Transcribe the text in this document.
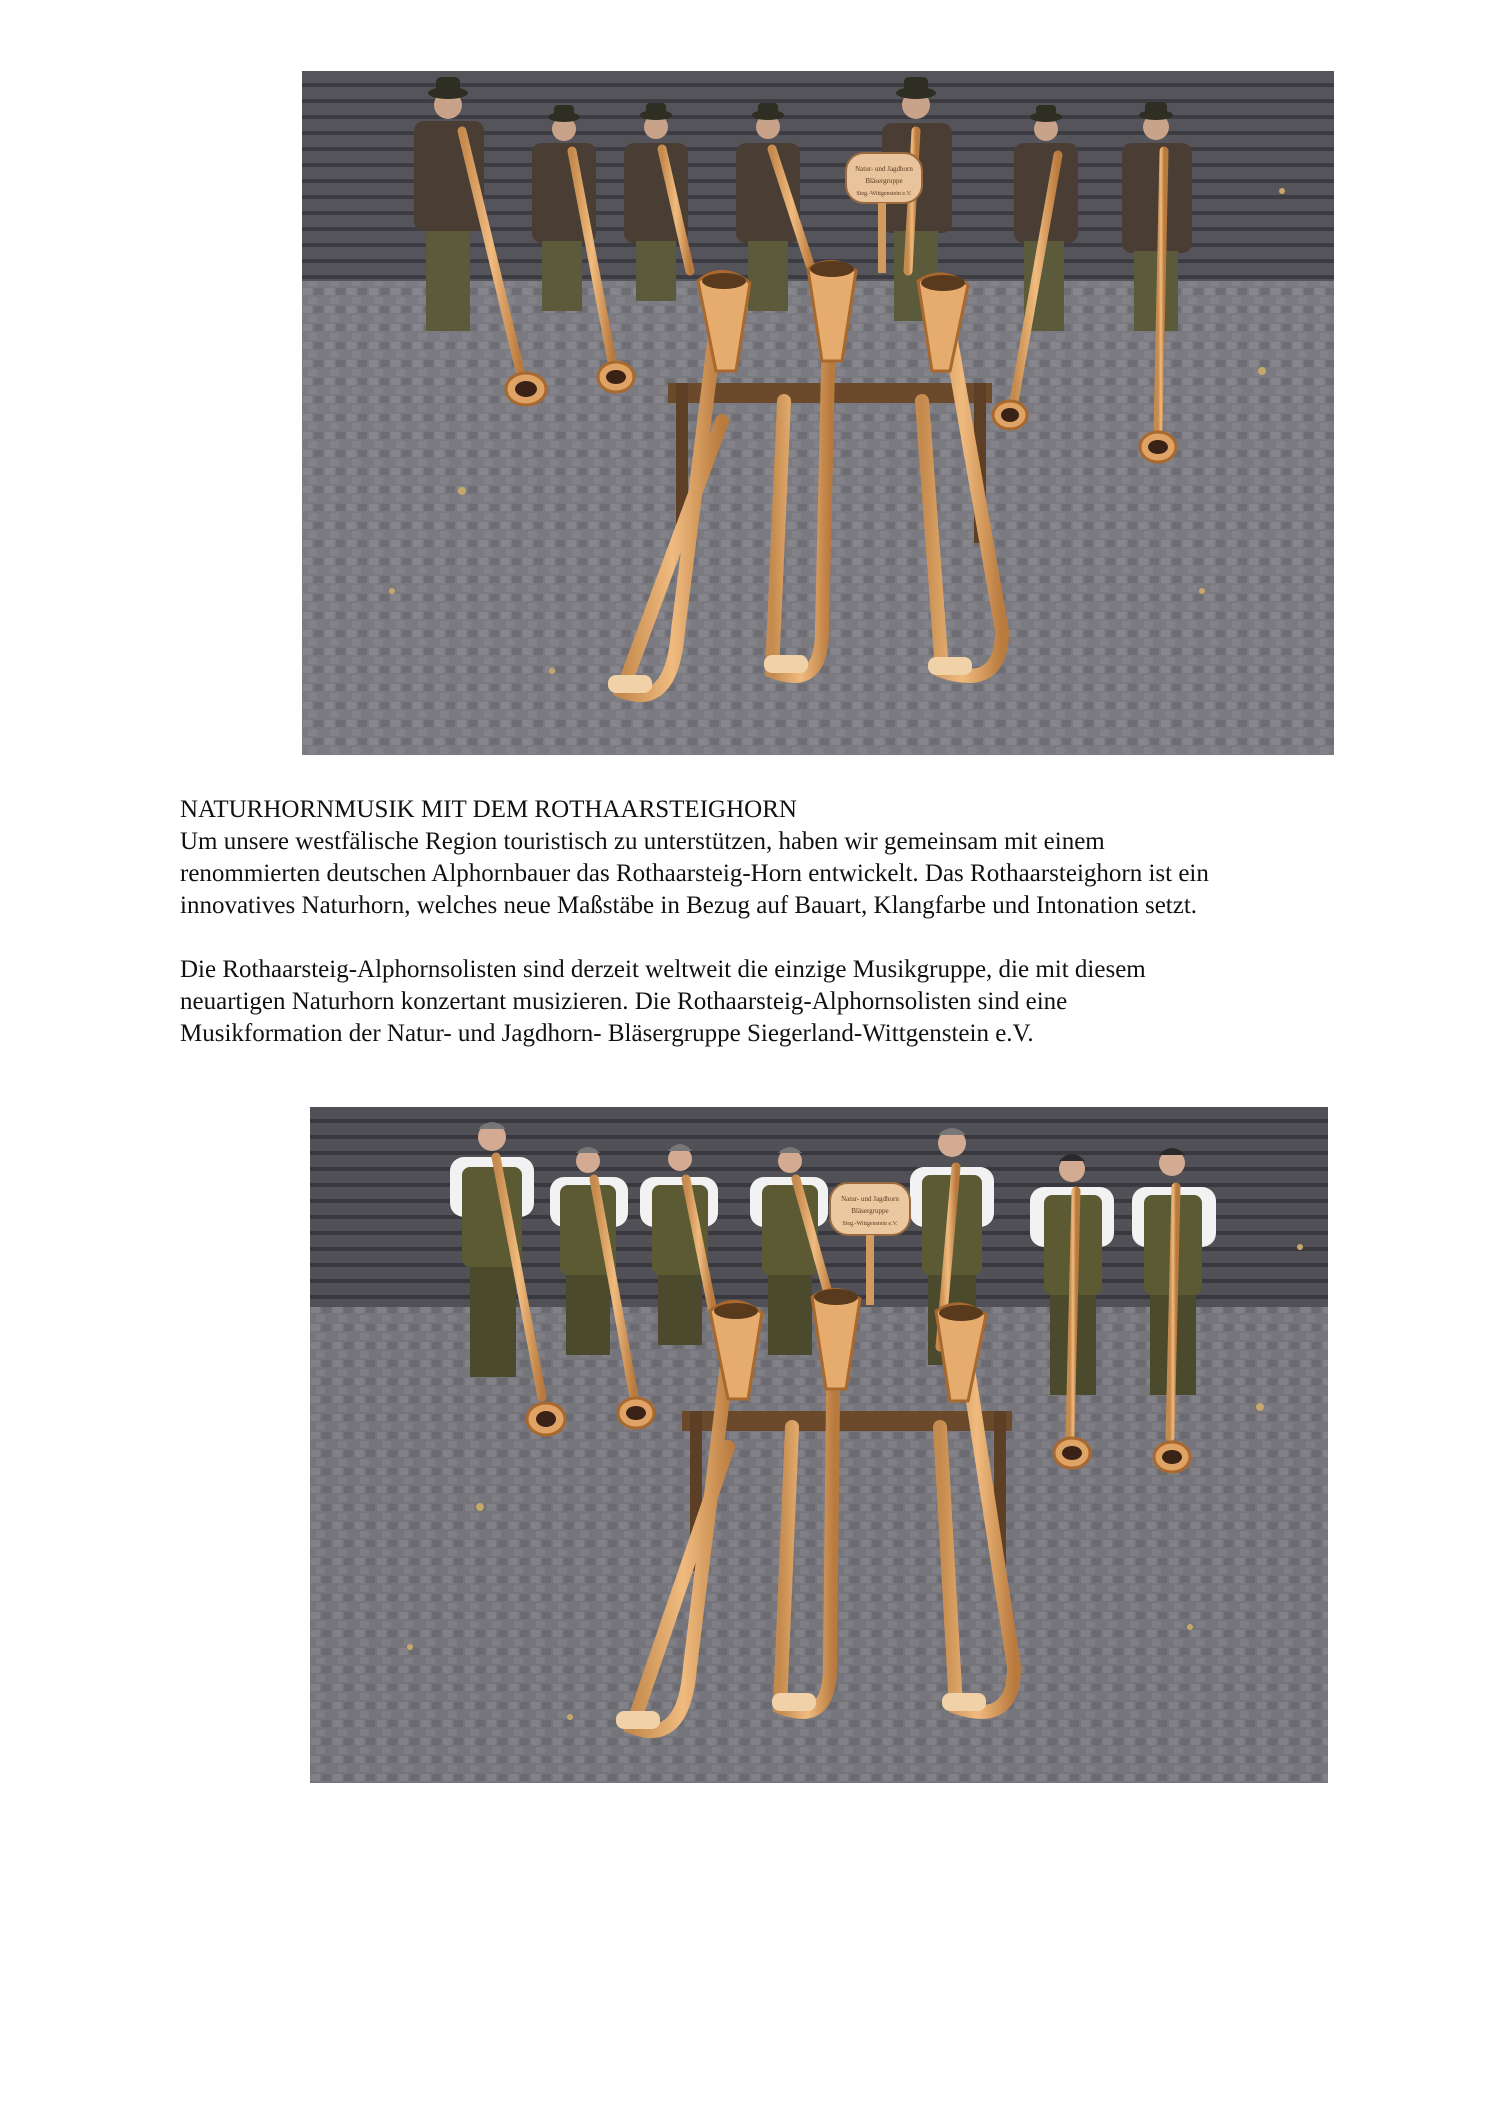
Natur- und Jagdhorn
Bläsergruppe
Sieg.-Wittgenstein e.V.

NATURHORNMUSIK MIT DEM ROTHAARSTEIGHORN

Um unsere westfälische Region touristisch zu unterstützen, haben wir gemeinsam mit einem
renommierten deutschen Alphornbauer das Rothaarsteig-Horn entwickelt. Das Rothaarsteighorn ist ein
innovatives Naturhorn, welches neue Maßstäbe in Bezug auf Bauart, Klangfarbe und Intonation setzt.

Die Rothaarsteig-Alphornsolisten sind derzeit weltweit die einzige Musikgruppe, die mit diesem
neuartigen Naturhorn konzertant musizieren. Die Rothaarsteig-Alphornsolisten sind eine
Musikformation der Natur- und Jagdhorn- Bläsergruppe Siegerland-Wittgenstein e.V.

Natur- und Jagdhorn
Bläsergruppe
Sieg.-Wittgenstein e.V.
